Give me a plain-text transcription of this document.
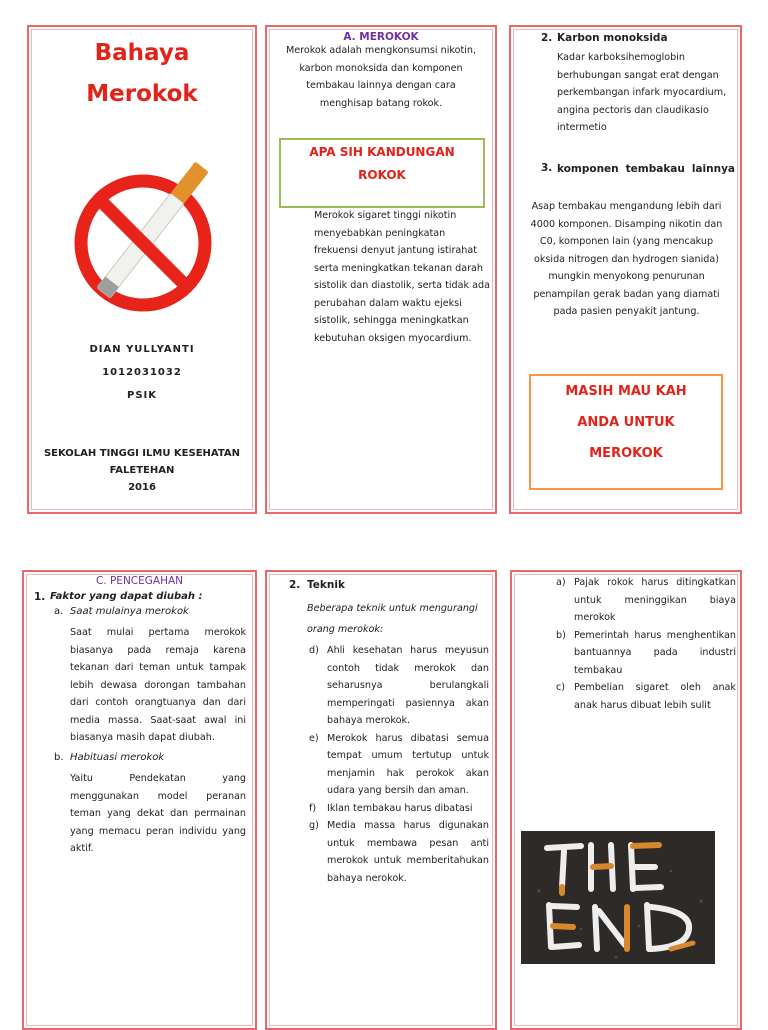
Bahaya
Merokok
DIAN YULLYANTI
1012031032
PSIK
SEKOLAH TINGGI ILMU KESEHATAN
FALETEHAN
2016
A. MEROKOK
Merokok adalah mengkonsumsi nikotin, karbon monoksida dan komponen tembakau lainnya dengan cara menghisap batang rokok.
APA SIH KANDUNGAN
ROKOK
Merokok sigaret tinggi nikotin menyebabkan peningkatan frekuensi denyut jantung istirahat serta meningkatkan tekanan darah sistolik dan diastolik, serta tidak ada perubahan dalam waktu ejeksi sistolik, sehingga meningkatkan kebutuhan oksigen myocardium.
2. Karbon monoksida
Kadar karboksihemoglobin berhubungan sangat erat dengan perkembangan infark myocardium, angina pectoris dan claudikasio intermetio
3. komponen tembakau lainnya
Asap tembakau mengandung lebih dari 4000 komponen. Disamping nikotin dan C0, komponen lain (yang mencakup oksida nitrogen dan hydrogen sianida) mungkin menyokong penurunan penampilan gerak badan yang diamati pada pasien penyakit jantung.
MASIH MAU KAH
ANDA UNTUK
MEROKOK
C. PENCEGAHAN
1. Faktor yang dapat diubah :
a. Saat mulainya merokok
Saat mulai pertama merokok biasanya pada remaja karena tekanan dari teman untuk tampak lebih dewasa dorongan tambahan dari contoh orangtuanya dan dari media massa. Saat-saat awal ini biasanya masih dapat diubah.
b. Habituasi merokok
Yaitu Pendekatan yang menggunakan model peranan teman yang dekat dan permainan yang memacu peran individu yang aktif.
2. Teknik
Beberapa teknik untuk mengurangi orang merokok:
d) Ahli kesehatan harus meyusun contoh tidak merokok dan seharusnya berulangkali memperingati pasiennya akan bahaya merokok.
e) Merokok harus dibatasi semua tempat umum tertutup untuk menjamin hak perokok akan udara yang bersih dan aman.
f) Iklan tembakau harus dibatasi
g) Media massa harus digunakan untuk membawa pesan anti merokok untuk memberitahukan bahaya nerokok.
a) Pajak rokok harus ditingkatkan untuk meninggikan biaya merokok
b) Pemerintah harus menghentikan bantuannya pada industri tembakau
c) Pembelian sigaret oleh anak anak harus dibuat lebih sulit
